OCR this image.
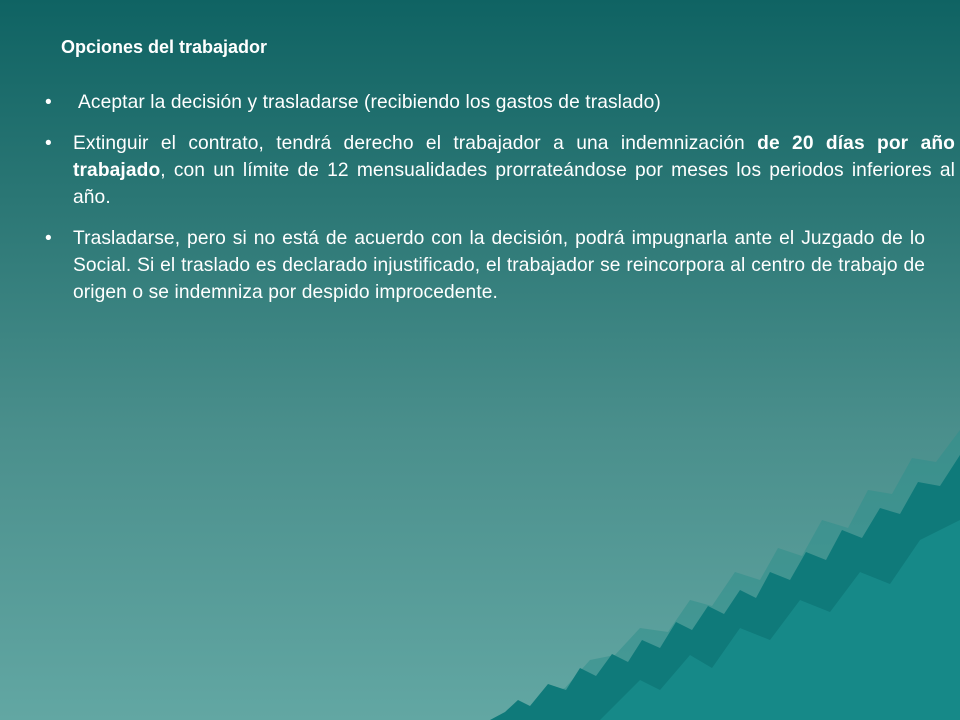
Opciones del trabajador
• Aceptar la decisión y trasladarse (recibiendo los gastos de traslado)
• Extinguir el contrato, tendrá derecho el trabajador a una indemnización de 20 días por año trabajado, con un límite de 12 mensualidades prorrateándose por meses los periodos inferiores al año.
• Trasladarse, pero si no está de acuerdo con la decisión, podrá impugnarla ante el Juzgado de lo Social. Si el traslado es declarado injustificado, el trabajador se reincorpora al centro de trabajo de origen o se indemniza por despido improcedente.
